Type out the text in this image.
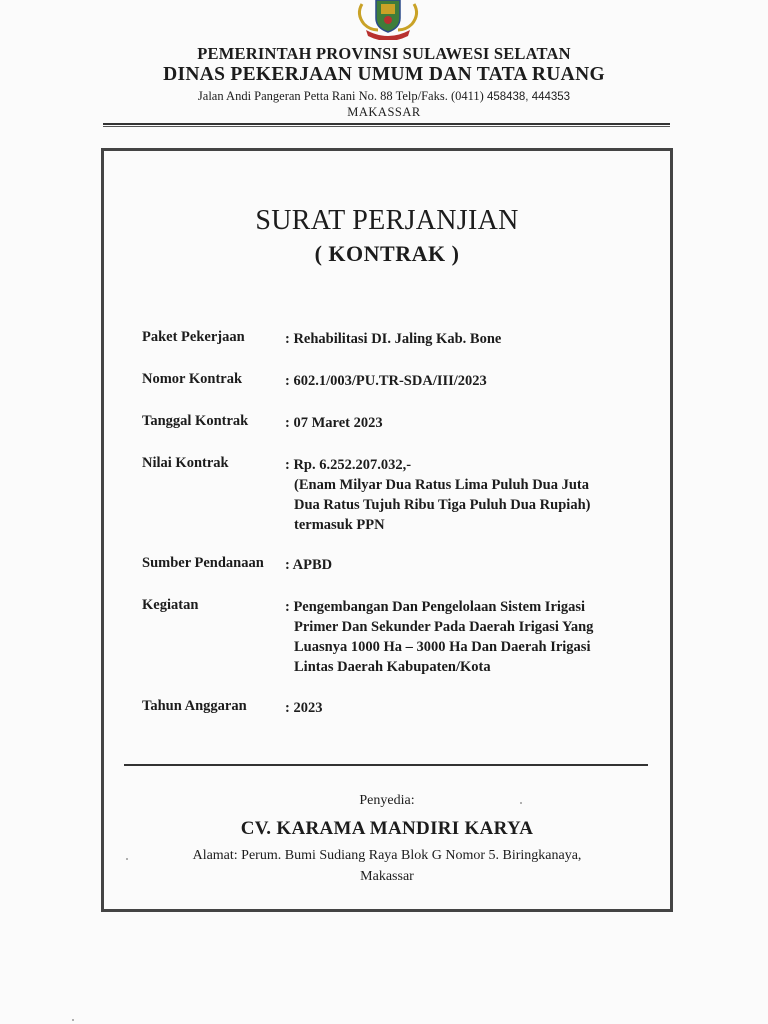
PEMERINTAH PROVINSI SULAWESI SELATAN
DINAS PEKERJAAN UMUM DAN TATA RUANG
Jalan Andi Pangeran Petta Rani No. 88 Telp/Faks. (0411) 458438, 444353
MAKASSAR
SURAT PERJANJIAN
( KONTRAK )
Paket Pekerjaan	: Rehabilitasi DI. Jaling Kab. Bone
Nomor Kontrak	: 602.1/003/PU.TR-SDA/III/2023
Tanggal Kontrak	: 07 Maret 2023
Nilai Kontrak	: Rp. 6.252.207.032,-
(Enam Milyar Dua Ratus Lima Puluh Dua Juta
Dua Ratus Tujuh Ribu Tiga Puluh Dua Rupiah)
termasuk PPN
Sumber Pendanaan : APBD
Kegiatan	: Pengembangan Dan Pengelolaan Sistem Irigasi
Primer Dan Sekunder Pada Daerah Irigasi Yang
Luasnya 1000 Ha – 3000 Ha Dan Daerah Irigasi
Lintas Daerah Kabupaten/Kota
Tahun Anggaran	: 2023
Penyedia:
CV. KARAMA MANDIRI KARYA
Alamat: Perum. Bumi Sudiang Raya Blok G Nomor 5. Biringkanaya,
Makassar
